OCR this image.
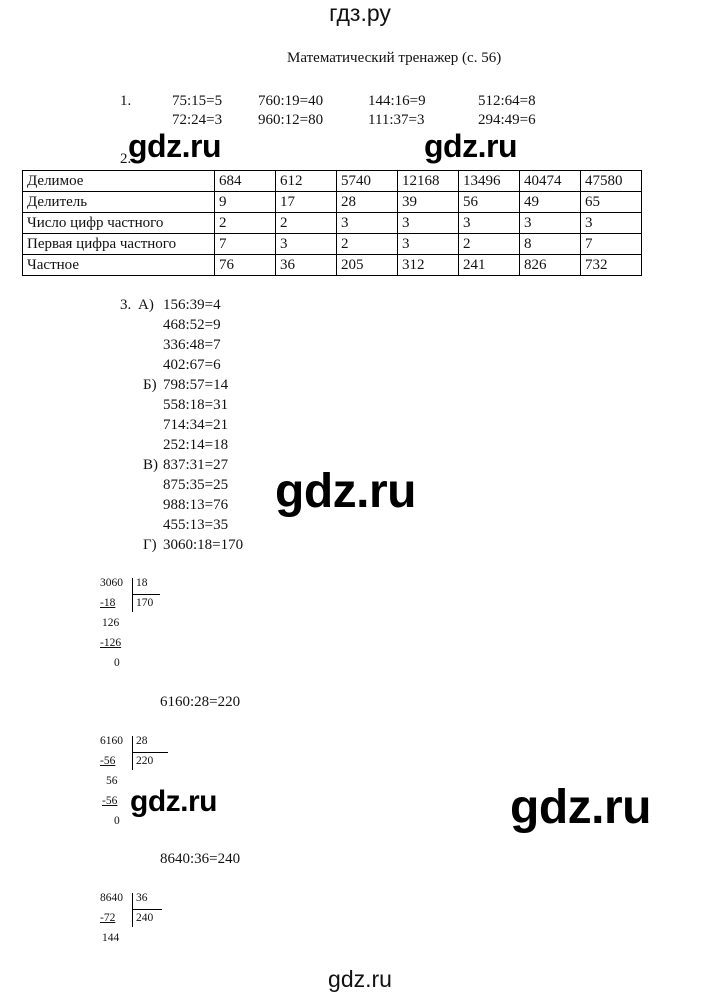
гдз.ру
Математический тренажер (с. 56)
1.	75:15=5 760:19=40	144:16=9	512:64=8
72:24=3 960:12=80	111:37=3	294:49=6
2.
gdz.ru	gdz.ru
Делимое	684	612	5740	12168	13496	40474	47580
Делитель	9	17	28	39	56	49	65
Число цифр частного	2	2	3	3	3	3	3
Первая цифра частного	7	3	2	3	2	8	7
Частное	76	36	205	312	241	826	732
3. А) 156:39=4
468:52=9
336:48=7
402:67=6
Б) 798:57=14
558:18=31
714:34=21
252:14=18
В) 837:31=27
875:35=25
988:13=76
455:13=35
Г) 3060:18=170
gdz.ru
3060 18
-18 170
126
-126
0
6160:28=220
6160 28
-56 220
56
-56
0
gdz.ru	gdz.ru
8640:36=240
8640 36
-72 240
144
gdz.ru
